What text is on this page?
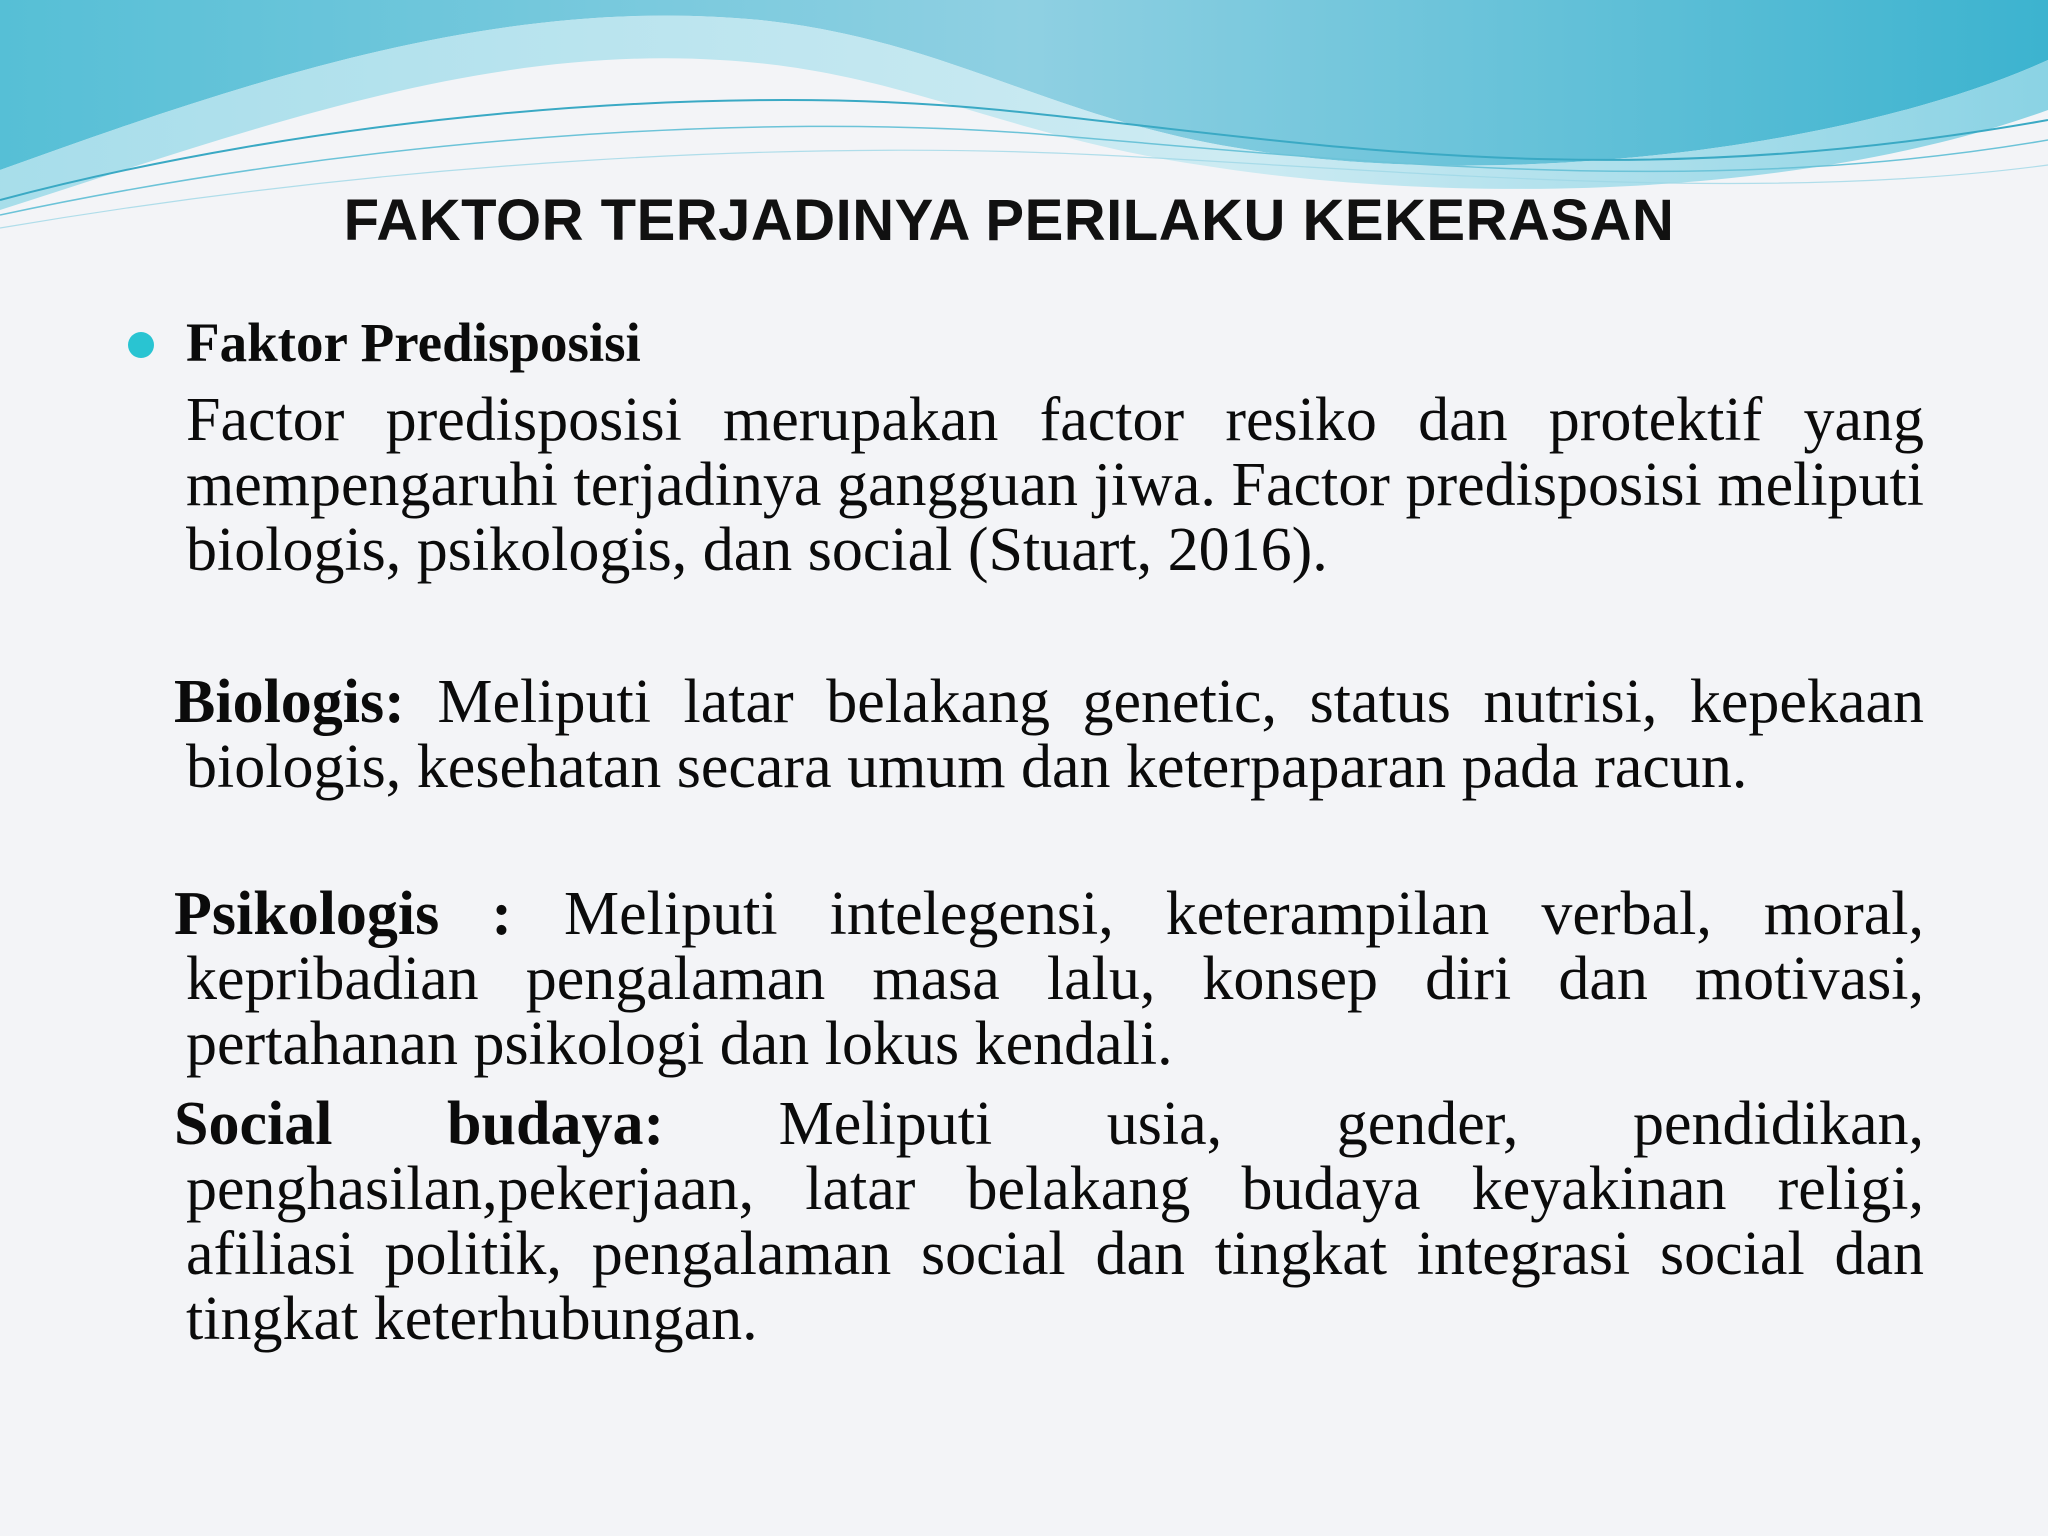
FAKTOR TERJADINYA PERILAKU KEKERASAN

Faktor Predisposisi

Factor predisposisi merupakan factor resiko dan protektif yang mempengaruhi terjadinya gangguan jiwa. Factor predisposisi meliputi biologis, psikologis, dan social (Stuart, 2016).

Biologis: Meliputi latar belakang genetic, status nutrisi, kepekaan biologis, kesehatan secara umum dan keterpaparan pada racun.

Psikologis : Meliputi intelegensi, keterampilan verbal, moral, kepribadian pengalaman masa lalu, konsep diri dan motivasi, pertahanan psikologi dan lokus kendali.

Social budaya: Meliputi usia, gender, pendidikan, penghasilan,pekerjaan, latar belakang budaya keyakinan religi, afiliasi politik, pengalaman social dan tingkat integrasi social dan tingkat keterhubungan.
